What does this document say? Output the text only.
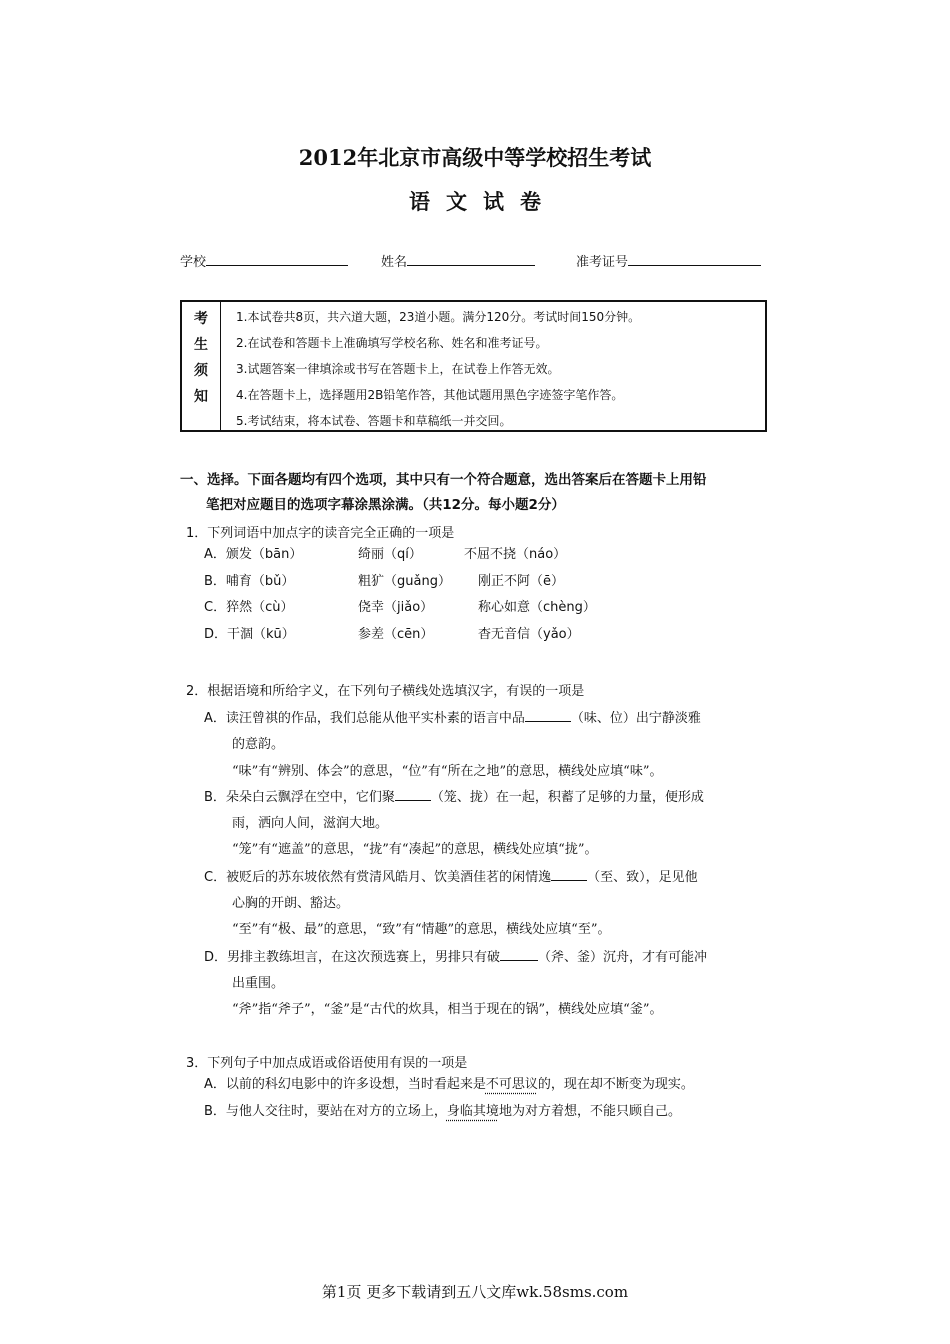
2012年北京市高级中等学校招生考试
语文试卷
学校	姓名	准考证号
考
生
须
知
1.本试卷共8页，共六道大题，23道小题。满分120分。考试时间150分钟。
2.在试卷和答题卡上准确填写学校名称、姓名和准考证号。
3.试题答案一律填涂或书写在答题卡上，在试卷上作答无效。
4.在答题卡上，选择题用2B铅笔作答，其他试题用黑色字迹签字笔作答。
5.考试结束，将本试卷、答题卡和草稿纸一并交回。
一、选择。下面各题均有四个选项，其中只有一个符合题意，选出答案后在答题卡上用铅
笔把对应题目的选项字幕涂黑涂满。（共12分。每小题2分）
1．下列词语中加点字的读音完全正确的一项是
A．颁发（bān）	绮丽（qí）	不屈不挠（náo）
B．哺育（bǔ）	粗犷（guǎng） 刚正不阿（ē）
C．猝然（cù）	侥幸（jiǎo）	称心如意（chèng）
D．干涸（kū）	参差（cēn）	杳无音信（yǎo）
2．根据语境和所给字义，在下列句子横线处选填汉字，有误的一项是
A．读汪曾祺的作品，我们总能从他平实朴素的语言中品	（味、位）出宁静淡雅
的意韵。
“味”有“辨别、体会”的意思，“位”有“所在之地”的意思，横线处应填“味”。
B．朵朵白云飘浮在空中，它们聚	（笼、拢）在一起，积蓄了足够的力量，便形成
雨，洒向人间，滋润大地。
“笼”有“遮盖”的意思，“拢”有“凑起”的意思，横线处应填“拢”。
C．被贬后的苏东坡依然有赏清风皓月、饮美酒佳茗的闲情逸	（至、致），足见他
心胸的开朗、豁达。
“至”有“极、最”的意思，“致”有“情趣”的意思，横线处应填“至”。
D．男排主教练坦言，在这次预选赛上，男排只有破	（斧、釜）沉舟，才有可能冲
出重围。
“斧”指“斧子”，“釜”是“古代的炊具，相当于现在的锅”，横线处应填“釜”。
3．下列句子中加点成语或俗语使用有误的一项是
A．以前的科幻电影中的许多设想，当时看起来是不可思议的，现在却不断变为现实。
B．与他人交往时，要站在对方的立场上，身临其境地为对方着想，不能只顾自己。
第1页 更多下载请到五八文库wk.58sms.com
